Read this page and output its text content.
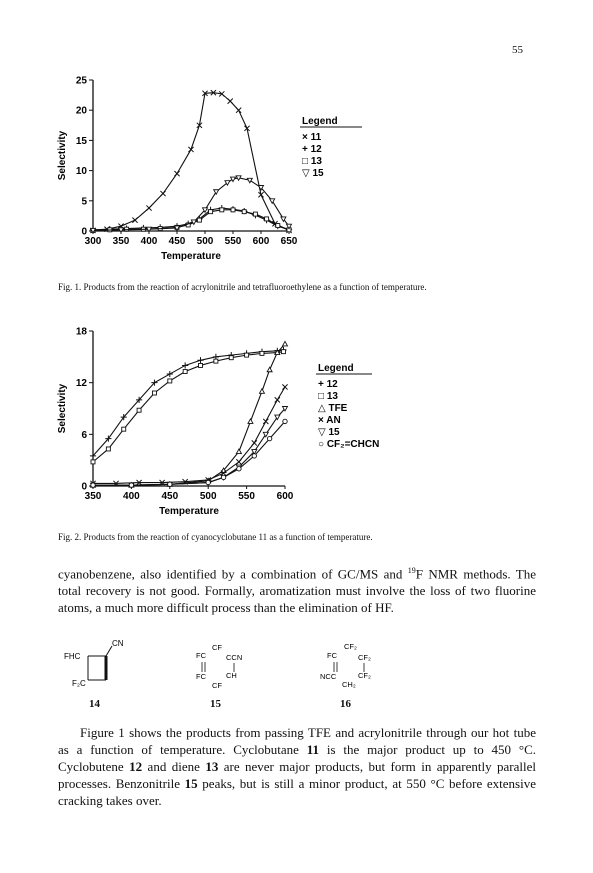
55
300 350 400 450 500 550 600 650
0
5
10
15
20
25
Temperature
Selectivity
Legend
× 11
+ 12
□ 13
▽ 15
Fig. 1. Products from the reaction of acrylonitrile and tetrafluoroethylene as a function of temperature.
350 400 450 500 550 600
0
6
12
18
Temperature
Selectivity
Legend
+ 12
□ 13
△ TFE
× AN
▽ 15
○ CF₂=CHCN
Fig. 2. Products from the reaction of cyanocyclobutane 11 as a function of temperature.
cyanobenzene, also identified by a combination of GC/MS and $^{19}$F NMR methods. The total recovery is not good. Formally, aromatization must involve the loss of two fluorine atoms, a much more difficult process than the elimination of HF.
CN
FHC
F₂C
CF
FC	CCN
FC	CH
CF
CF₂
FC	CF₂
NCC	CF₂
CH₂
14	15	16
Figure 1 shows the products from passing TFE and acrylonitrile through our hot tube as a function of temperature. Cyclobutane 11 is the major product up to 450 °C. Cyclobutene 12 and diene 13 are never major products, but form in apparently parallel processes. Benzonitrile 15 peaks, but is still a minor product, at 550 °C before extensive cracking takes over.
